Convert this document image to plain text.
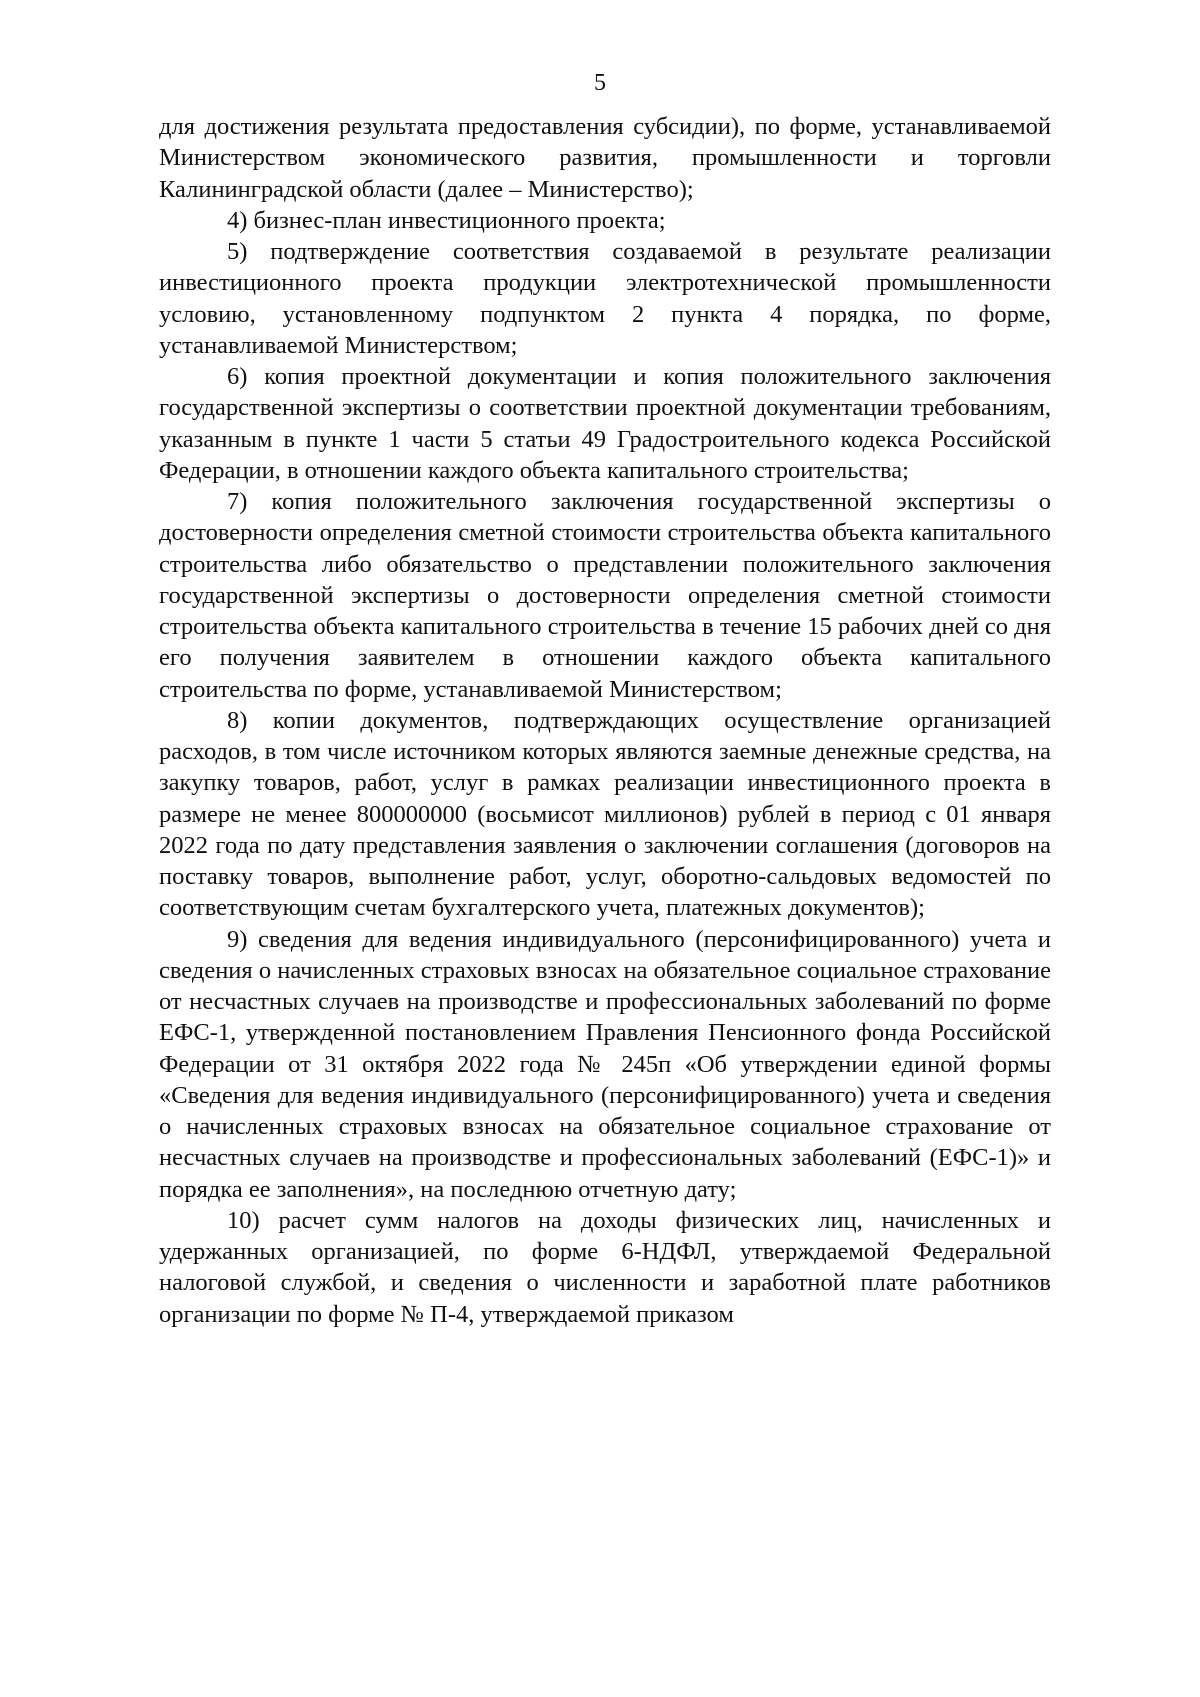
5

для достижения результата предоставления субсидии), по форме, устанавливаемой Министерством экономического развития, промышленности и торговли Калининградской области (далее – Министерство);

4) бизнес-план инвестиционного проекта;

5) подтверждение соответствия создаваемой в результате реализации инвестиционного проекта продукции электротехнической промышленности условию, установленному подпунктом 2 пункта 4 порядка, по форме, устанавливаемой Министерством;

6) копия проектной документации и копия положительного заключения государственной экспертизы о соответствии проектной документации требованиям, указанным в пункте 1 части 5 статьи 49 Градостроительного кодекса Российской Федерации, в отношении каждого объекта капитального строительства;

7) копия положительного заключения государственной экспертизы о достоверности определения сметной стоимости строительства объекта капитального строительства либо обязательство о представлении положительного заключения государственной экспертизы о достоверности определения сметной стоимости строительства объекта капитального строительства в течение 15 рабочих дней со дня его получения заявителем в отношении каждого объекта капитального строительства по форме, устанавливаемой Министерством;

8) копии документов, подтверждающих осуществление организацией расходов, в том числе источником которых являются заемные денежные средства, на закупку товаров, работ, услуг в рамках реализации инвестиционного проекта в размере не менее 800000000 (восьмисот миллионов) рублей в период с 01 января 2022 года по дату представления заявления о заключении соглашения (договоров на поставку товаров, выполнение работ, услуг, оборотно-сальдовых ведомостей по соответствующим счетам бухгалтерского учета, платежных документов);

9) сведения для ведения индивидуального (персонифицированного) учета и сведения о начисленных страховых взносах на обязательное социальное страхование от несчастных случаев на производстве и профессиональных заболеваний по форме ЕФС-1, утвержденной постановлением Правления Пенсионного фонда Российской Федерации от 31 октября 2022 года № 245п «Об утверждении единой формы «Сведения для ведения индивидуального (персонифицированного) учета и сведения о начисленных страховых взносах на обязательное социальное страхование от несчастных случаев на производстве и профессиональных заболеваний (ЕФС-1)» и порядка ее заполнения», на последнюю отчетную дату;

10) расчет сумм налогов на доходы физических лиц, начисленных и удержанных организацией, по форме 6-НДФЛ, утверждаемой Федеральной налоговой службой, и сведения о численности и заработной плате работников организации по форме № П-4, утверждаемой приказом
